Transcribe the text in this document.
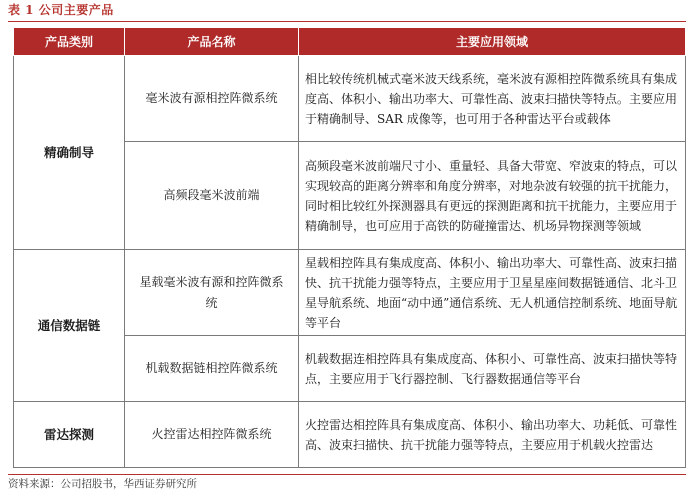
表 1 公司主要产品
产品类别	产品名称	主要应用领域
精确制导	毫米波有源相控阵微系统	相比较传统机械式毫米波天线系统，毫米波有源相控阵微系统具有集成度高、体积小、输出功率大、可靠性高、波束扫描快等特点。主要应用于精确制导、SAR 成像等，也可用于各种雷达平台或载体
	高频段毫米波前端	高频段毫米波前端尺寸小、重量轻、具备大带宽、窄波束的特点，可以实现较高的距离分辨率和角度分辨率，对地杂波有较强的抗干扰能力，同时相比较红外探测器具有更远的探测距离和抗干扰能力，主要应用于精确制导，也可应用于高铁的防碰撞雷达、机场异物探测等领域
通信数据链	星载毫米波有源和控阵微系统	星载相控阵具有集成度高、体积小、输出功率大、可靠性高、波束扫描快、抗干扰能力强等特点，主要应用于卫星星座间数据链通信、北斗卫星导航系统、地面“动中通”通信系统、无人机通信控制系统、地面导航等平台
	机载数据链相控阵微系统	机载数据连相控阵具有集成度高、体积小、可靠性高、波束扫描快等特点，主要应用于飞行器控制、飞行器数据通信等平台
雷达探测	火控雷达相控阵微系统	火控雷达相控阵具有集成度高、体积小、输出功率大、功耗低、可靠性高、波束扫描快、抗干扰能力强等特点，主要应用于机载火控雷达
资料来源：公司招股书，华西证券研究所
